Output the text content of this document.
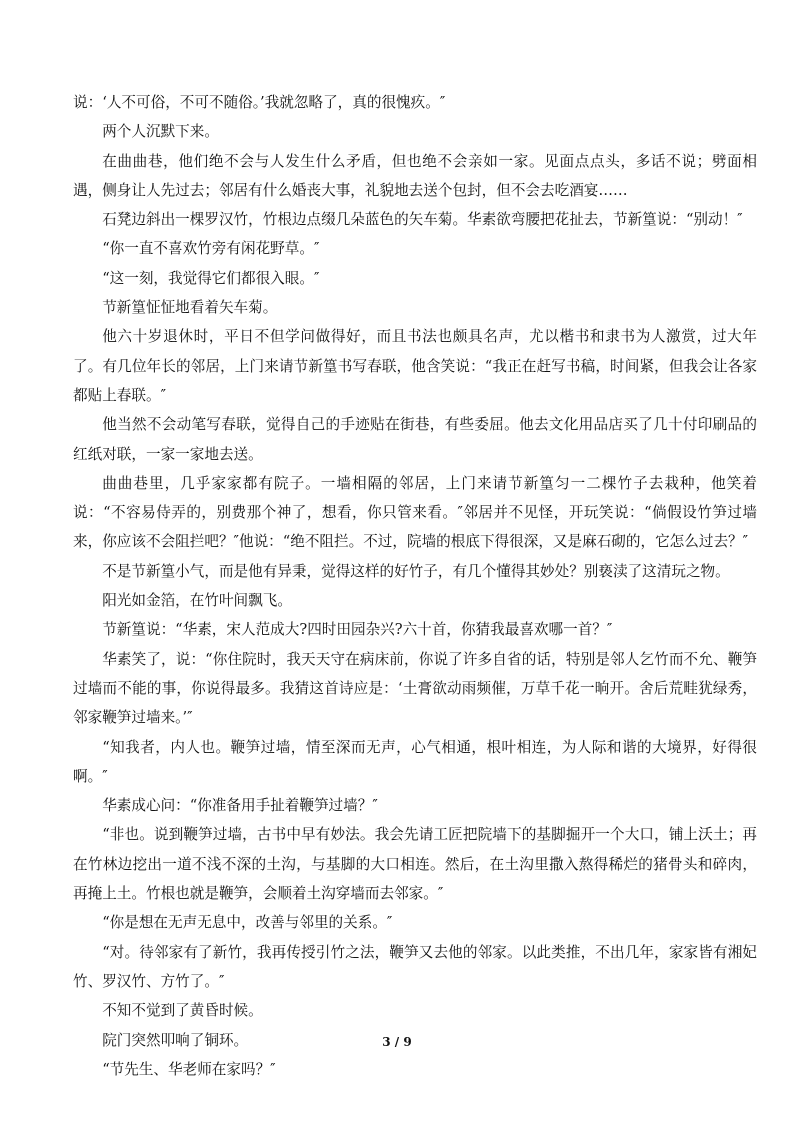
说：‘人不可俗，不可不随俗。’我就忽略了，真的很愧疚。″

两个人沉默下来。

在曲曲巷，他们绝不会与人发生什么矛盾，但也绝不会亲如一家。见面点点头，多话不说；劈面相遇，侧身让人先过去；邻居有什么婚丧大事，礼貌地去送个包封，但不会去吃酒宴……

石凳边斜出一棵罗汉竹，竹根边点缀几朵蓝色的矢车菊。华素欲弯腰把花扯去，节新篁说：“别动！″

“你一直不喜欢竹旁有闲花野草。″

“这一刻，我觉得它们都很入眼。″

节新篁怔怔地看着矢车菊。

他六十岁退休时，平日不但学问做得好，而且书法也颇具名声，尤以楷书和隶书为人激赏，过大年了。有几位年长的邻居，上门来请节新篁书写春联，他含笑说：“我正在赶写书稿，时间紧，但我会让各家都贴上春联。″

他当然不会动笔写春联，觉得自己的手迹贴在街巷，有些委屈。他去文化用品店买了几十付印刷品的红纸对联，一家一家地去送。

曲曲巷里，几乎家家都有院子。一墙相隔的邻居，上门来请节新篁匀一二棵竹子去栽种，他笑着说：“不容易侍弄的，别费那个神了，想看，你只管来看。″邻居并不见怪，开玩笑说：“倘假设竹笋过墙来，你应该不会阻拦吧？″他说：“绝不阻拦。不过，院墙的根底下得很深，又是麻石砌的，它怎么过去？″

不是节新篁小气，而是他有异秉，觉得这样的好竹子，有几个懂得其妙处？别亵渎了这清玩之物。

阳光如金箔，在竹叶间飘飞。

节新篁说：“华素，宋人范成大?四时田园杂兴?六十首，你猜我最喜欢哪一首？″

华素笑了，说：“你住院时，我天天守在病床前，你说了许多自省的话，特别是邻人乞竹而不允、鞭笋过墙而不能的事，你说得最多。我猜这首诗应是：‘土膏欲动雨频催，万草千花一晌开。舍后荒畦犹绿秀，邻家鞭笋过墙来。’″

“知我者，内人也。鞭笋过墙，情至深而无声，心气相通，根叶相连，为人际和谐的大境界，好得很啊。″

华素成心问：“你准备用手扯着鞭笋过墙？″

“非也。说到鞭笋过墙，古书中早有妙法。我会先请工匠把院墙下的基脚掘开一个大口，铺上沃土；再在竹林边挖出一道不浅不深的土沟，与基脚的大口相连。然后，在土沟里撒入熬得稀烂的猪骨头和碎肉，再掩上土。竹根也就是鞭笋，会顺着土沟穿墙而去邻家。″

“你是想在无声无息中，改善与邻里的关系。″

“对。待邻家有了新竹，我再传授引竹之法，鞭笋又去他的邻家。以此类推，不出几年，家家皆有湘妃竹、罗汉竹、方竹了。″

不知不觉到了黄昏时候。

院门突然叩响了铜环。

“节先生、华老师在家吗？″

3 / 9
